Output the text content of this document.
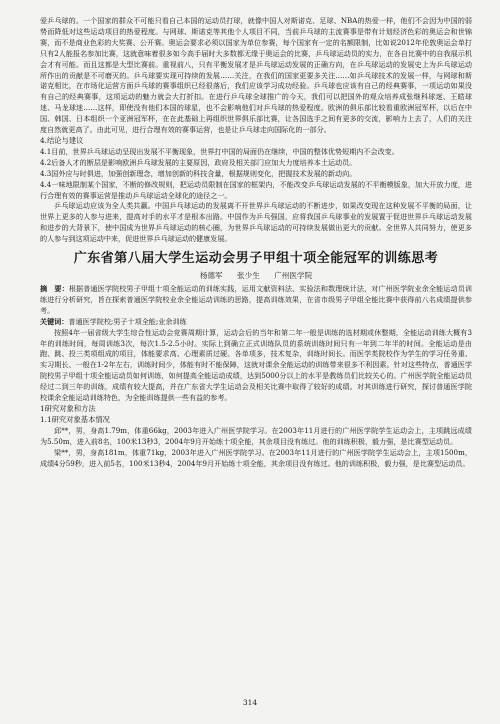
爱乒乓球的。一个国家的群众不可能只看自己本国的运动员打球，就像中国人对斯诺克、足球、NBA的热爱一样，他们不会因为中国的弱势而降低对这些运动项目的热爱程度。与网球、斯诺克等其他个人项目不同，当前乒乓球的主流赛事是带有计划经济色彩的奥运会和世锦赛，而不是商业色彩的大奖赛、公开赛。奥运会要求必须以国家为单位参赛，每个国家有一定的名额限制，比如说2012年伦敦奥运会单打只有2人能报名参加比赛，这就意味着很多如今高手届时大多数都无缘于奥运会的比赛，乒乓球运动员的实力，在各自比赛中的自我展示机会才有可能。而且这都是大型比赛前。重视前八，只有平衡发展才是乒乓球运动发展的正确方向，在乒乓球运动的发展史上为乒乓球运动所作出的贡献是不可磨灭的。乒乓球要实现可持续的发展……关注，在我们的国家更要多关注……如乒乓球技术的发展一样，与网球和斯诺克相比，在市场化运营方面乒乓球的赛事组织已经很落后，我们应该学习成功经验。乒乓球也应该有自己的经典赛事，一项运动如果没有自己的经典赛事，这项运动的魅力就会大打折扣。在进行乒乓球全球推广的今天，我们可以把国外的观众培养成张继科球迷、王皓球迷、马龙球迷……这样，即使没有他们本国的球星，也不会影响他们对乒乓球的热爱程度。欧洲的俱乐部比较看重欧洲冠军杯，以后在中国、韩国、日本组织一个亚洲冠军杯，在在此基础上再组织世界俱乐部比赛，让各国选手之间有更多的交流，影响力上去了，人们的关注度自然就更高了。由此可见，进行合理有效的赛事运营，也是让乒乓球走向国际化的一部分。

4.结论与建议

4.1目前，世界乒乓球运动呈现出发展不平衡现象，世界打中国的局面仍在继续，中国的整体优势短期内不会改变。

4.2后备人才的断层是影响欧洲乒乓球发展的主要原因，政府及相关部门应加大力度培养本土运动员。

4.3国外应与时俱进，加强创新理念，增加创新的科技含量，根据规则变化，把握技术发展的新动向。

4.4一味地限制某个国家，不断的修改规则，把运动员限制在国家的框架内，不能改变乒乓球运动发展的不平衡模版象，加大开放力度，进行合理有效的赛事运营是推动乒乓球运动全球化的途径之一。

乒乓球运动应该为全人类共赢。中国乒乓球运动的发展离不开世界乒乓球运动的不断进步，如果改变现在这种发展不平衡的局面，让世界上更多的人参与进来，提高对手的水平才是根本出路。中国作为乒乓强国，应将我国乒乓球事业的发展置于促进世界乒乓球运动发展和进步的大背景下，使中国成为世界乒乓球运动的核心圈，为世界乒乓球运动的可持续发展做出更大的贡献。全世界人共同努力，使更多的人参与到这项运动中来，促进世界乒乓球运动的健康发展。

广东省第八届大学生运动会男子甲组十项全能冠军的训练思考
杨德军 张少生 广州医学院

摘　要：根据普通医学院校男子甲组十项全能运动的训练实践，运用文献资料法、实验法和数理统计法，对广州医学院业余全能运动员训练进行分析研究，旨在探索普通医学院校业余全能运动训练的思路，提高训练效果，在省市级男子甲组全能比赛中获得前八名成绩提供参考。

关键词：普通医学院校;男子十项全能;业余训练

按照4年一届省级大学生综合性运动会竞赛周期计算，运动会后的当年和第二年一般是训练的选材期或休整期，全能运动训练大概有3年的训练时间，每周训练3次，每次1.5-2.5小时。实际上到确立正式训练队员的系统训练时间只有一年到二年半的时间。全能运动是由跑、跳、投三类项组成的项目，体能要求高、心理素质过硬、各单项多，技术复杂，训练时间长。而医学类院校作为学生的学习任务重、实习期长、一般在1-2年左右，训练时间少，体能有时不能保障，这就对课余全能运动的训练带来很多不利因素。针对这些特点，普通医学院校男子甲组十项全能运动员如何训练，如何提高全能运动成绩，达到5000分以上的水平是教练员们比较关心的。广州医学院全能运动员经过二到三年的训练，成绩有较大提高，并在广东省大学生运动会及相关比赛中取得了较好的成绩。对其训练进行研究，探讨普通医学院校课余全能运动训练特色，为全能训练提供一些有益的参考。

1研究对象和方法

1.1研究对象基本情况

邱**，男，身高1.79m，体重66kg，2003年进入广州医学院学习。在2003年11月进行的广州医学院学生运动会上，主项跳远成绩为5.50m，进入前8名，100米13秒3，2004年9月开始练十项全能，其余项目没有练过。他的训练积极，毅力强，是比赛型运动员。

梁**，男，身高181m，体重71kg，2003年进入广州医学院学习。在2003年11月进行的广州医学院学生运动会上，主项1500m，成绩4分59秒，进入前5名，100米13秒4，2004年9月开始练十项全能，其余项目没有练过。他的训练积极，毅力强，是比赛型运动员。

314
